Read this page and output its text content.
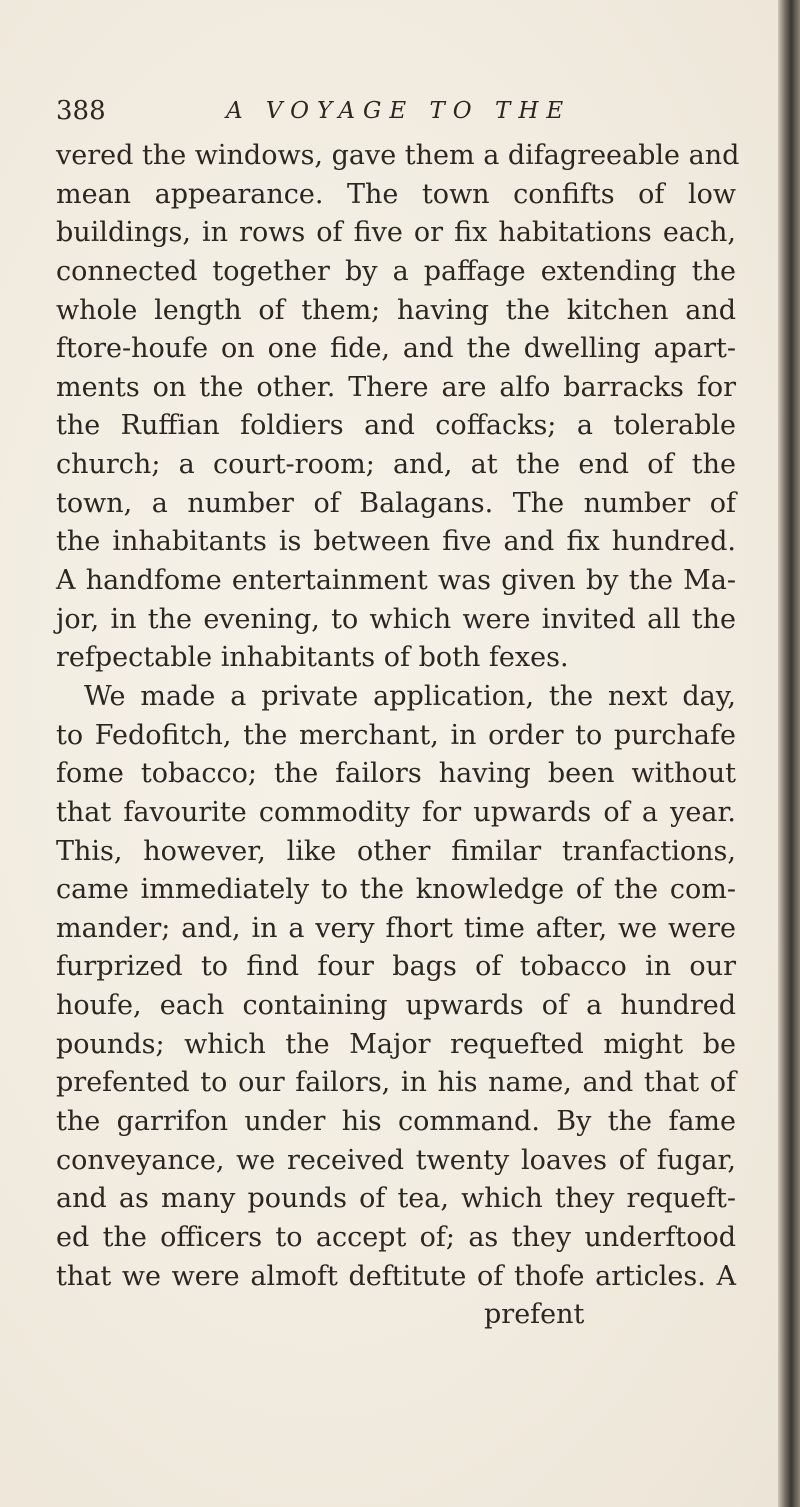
388	A VOYAGE TO THE
vered the windows, gave them a difagreeable and
mean appearance. The town confifts of low
buildings, in rows of five or fix habitations each,
connected together by a paffage extending the
whole length of them; having the kitchen and
ftore-houfe on one fide, and the dwelling apart-
ments on the other. There are alfo barracks for
the Ruffian foldiers and coffacks; a tolerable
church; a court-room; and, at the end of the
town, a number of Balagans. The number of
the inhabitants is between five and fix hundred.
A handfome entertainment was given by the Ma-
jor, in the evening, to which were invited all the
refpectable inhabitants of both fexes.
We made a private application, the next day,
to Fedofitch, the merchant, in order to purchafe
fome tobacco; the failors having been without
that favourite commodity for upwards of a year.
This, however, like other fimilar tranfactions,
came immediately to the knowledge of the com-
mander; and, in a very fhort time after, we were
furprized to find four bags of tobacco in our
houfe, each containing upwards of a hundred
pounds; which the Major requefted might be
prefented to our failors, in his name, and that of
the garrifon under his command. By the fame
conveyance, we received twenty loaves of fugar,
and as many pounds of tea, which they requeft-
ed the officers to accept of; as they underftood
that we were almoft deftitute of thofe articles. A
prefent
